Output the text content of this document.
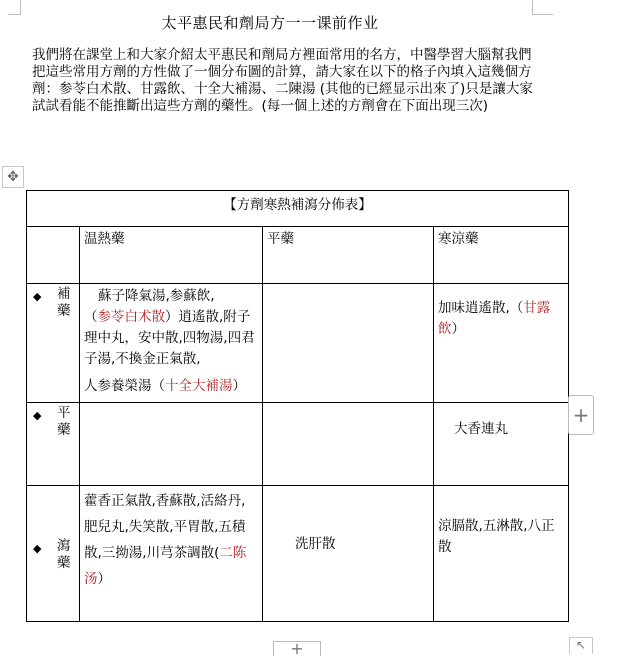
太平惠民和劑局方一一课前作业
我們將在課堂上和大家介紹太平惠民和劑局方裡面常用的名方，中醫學習大腦幫我們把這些常用方劑的方性做了一個分布圖的計算，請大家在以下的格子內填入這幾個方劑：参苓白术散、甘露飲、十全大補湯、二陳湯 (其他的已經显示出來了)只是讓大家試試看能不能推斷出這些方劑的藥性。(每一個上述的方劑會在下面出现三次)
✥
【方劑寒熱補瀉分佈表】			
	温熱藥	平藥	寒涼藥

◆ 補藥	蘇子降氣湯,参蘇飲,
（参苓白术散）逍遙散,附子理中丸，安中散,四物湯,四君子湯,不換金正氣散,
人参養榮湯（十全大補湯）		加味逍遙散,（甘露飲）

◆ 平藥			大香連丸

◆ 瀉藥	藿香正氣散,香蘇散,活絡丹,肥兒丸,失笑散,平胃散,五積散,三拗湯,川芎茶調散(二陈汤）	洗肝散	涼膈散,五淋散,八正散
+
+	↖
